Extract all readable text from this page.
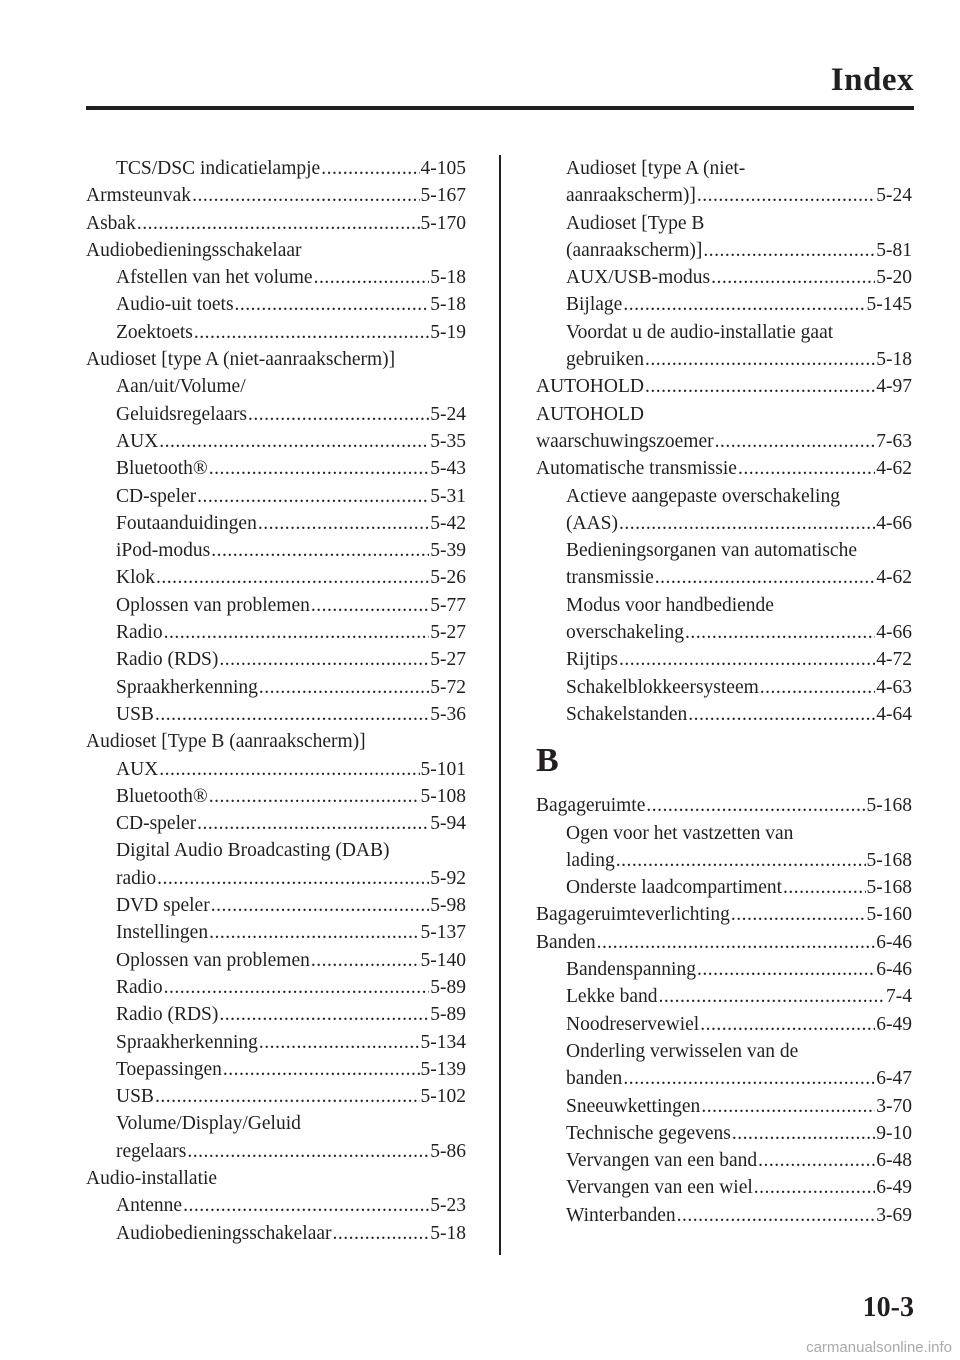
Index
TCS/DSC indicatielampje .....	4-105
Armsteunvak .....	5-167
Asbak .....	5-170
Audiobedieningsschakelaar
Afstellen van het volume .....	5-18
Audio-uit toets .....	5-18
Zoektoets .....	5-19
Audioset [type A (niet-aanraakscherm)]
Aan/uit/Volume/
Geluidsregelaars .....	5-24
AUX .....	5-35
Bluetooth® .....	5-43
CD-speler .....	5-31
Foutaanduidingen .....	5-42
iPod-modus .....	5-39
Klok .....	5-26
Oplossen van problemen .....	5-77
Radio .....	5-27
Radio (RDS) .....	5-27
Spraakherkenning .....	5-72
USB .....	5-36
Audioset [Type B (aanraakscherm)]
AUX .....	5-101
Bluetooth® .....	5-108
CD-speler .....	5-94
Digital Audio Broadcasting (DAB)
radio .....	5-92
DVD speler .....	5-98
Instellingen .....	5-137
Oplossen van problemen .....	5-140
Radio .....	5-89
Radio (RDS) .....	5-89
Spraakherkenning .....	5-134
Toepassingen .....	5-139
USB .....	5-102
Volume/Display/Geluid
regelaars .....	5-86
Audio-installatie
Antenne .....	5-23
Audiobedieningsschakelaar .....	5-18
Audioset [type A (niet-
aanraakscherm)] .....	5-24
Audioset [Type B
(aanraakscherm)] .....	5-81
AUX/USB-modus .....	5-20
Bijlage .....	5-145
Voordat u de audio-installatie gaat
gebruiken .....	5-18
AUTOHOLD .....	4-97
AUTOHOLD
waarschuwingszoemer .....	7-63
Automatische transmissie .....	4-62
Actieve aangepaste overschakeling
(AAS) .....	4-66
Bedieningsorganen van automatische
transmissie .....	4-62
Modus voor handbediende
overschakeling .....	4-66
Rijtips .....	4-72
Schakelblokkeersysteem .....	4-63
Schakelstanden .....	4-64
B
Bagageruimte .....	5-168
Ogen voor het vastzetten van
lading .....	5-168
Onderste laadcompartiment .....	5-168
Bagageruimteverlichting .....	5-160
Banden .....	6-46
Bandenspanning .....	6-46
Lekke band .....	7-4
Noodreservewiel .....	6-49
Onderling verwisselen van de
banden .....	6-47
Sneeuwkettingen .....	3-70
Technische gegevens .....	9-10
Vervangen van een band .....	6-48
Vervangen van een wiel .....	6-49
Winterbanden .....	3-69
10-3
carmanualsonline.info
